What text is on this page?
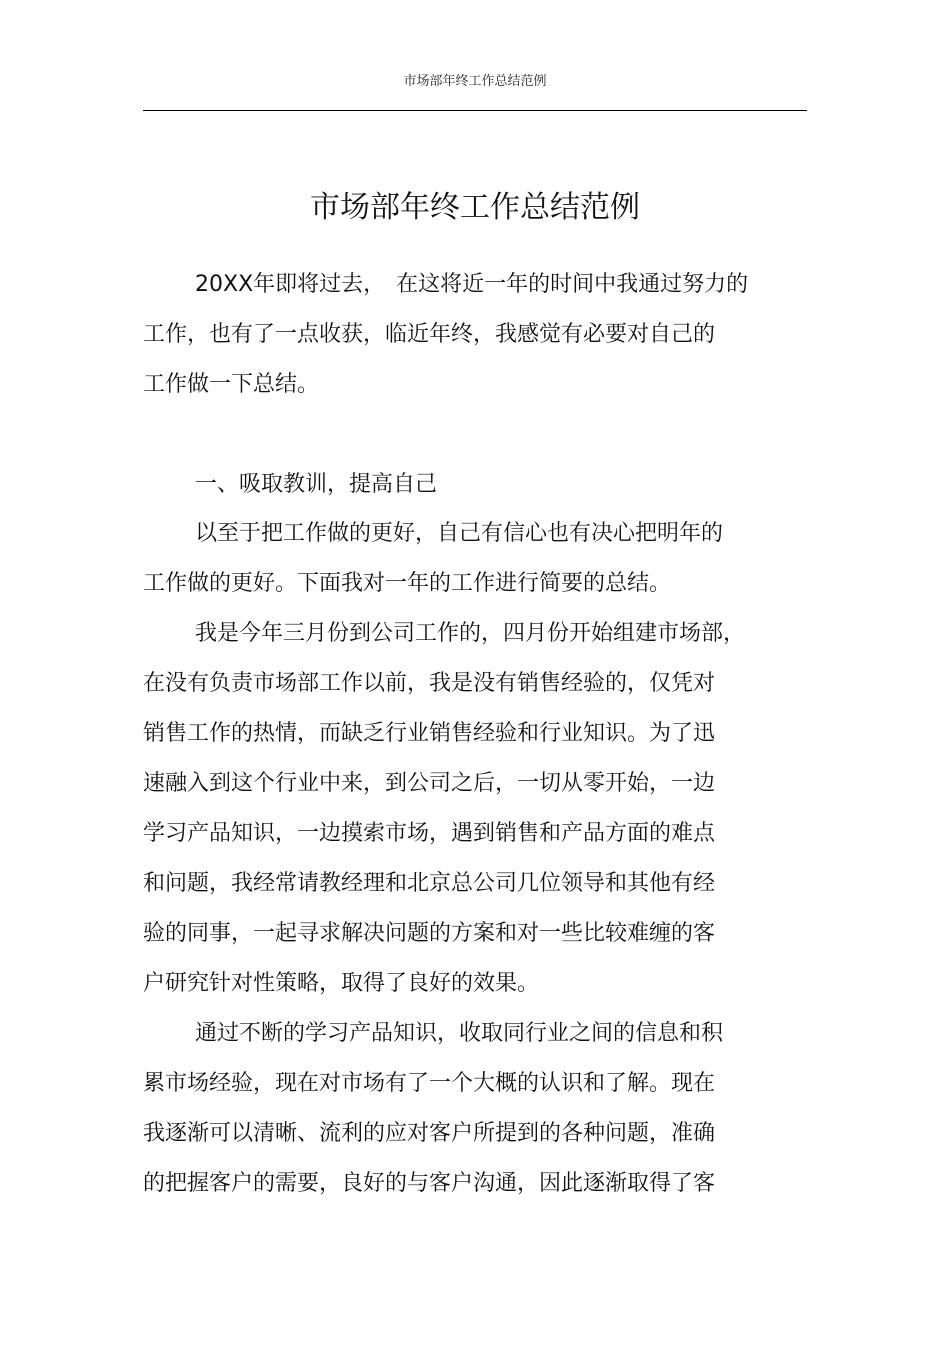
市场部年终工作总结范例
市场部年终工作总结范例
20XX年即将过去，　在这将近一年的时间中我通过努力的
工作，也有了一点收获，临近年终，我感觉有必要对自己的
工作做一下总结。
一、吸取教训，提高自己
以至于把工作做的更好，自己有信心也有决心把明年的
工作做的更好。下面我对一年的工作进行简要的总结。
我是今年三月份到公司工作的，四月份开始组建市场部，
在没有负责市场部工作以前，我是没有销售经验的，仅凭对
销售工作的热情，而缺乏行业销售经验和行业知识。为了迅
速融入到这个行业中来，到公司之后，一切从零开始，一边
学习产品知识，一边摸索市场，遇到销售和产品方面的难点
和问题，我经常请教经理和北京总公司几位领导和其他有经
验的同事，一起寻求解决问题的方案和对一些比较难缠的客
户研究针对性策略，取得了良好的效果。
通过不断的学习产品知识，收取同行业之间的信息和积
累市场经验，现在对市场有了一个大概的认识和了解。现在
我逐渐可以清晰、流利的应对客户所提到的各种问题，准确
的把握客户的需要，良好的与客户沟通，因此逐渐取得了客
